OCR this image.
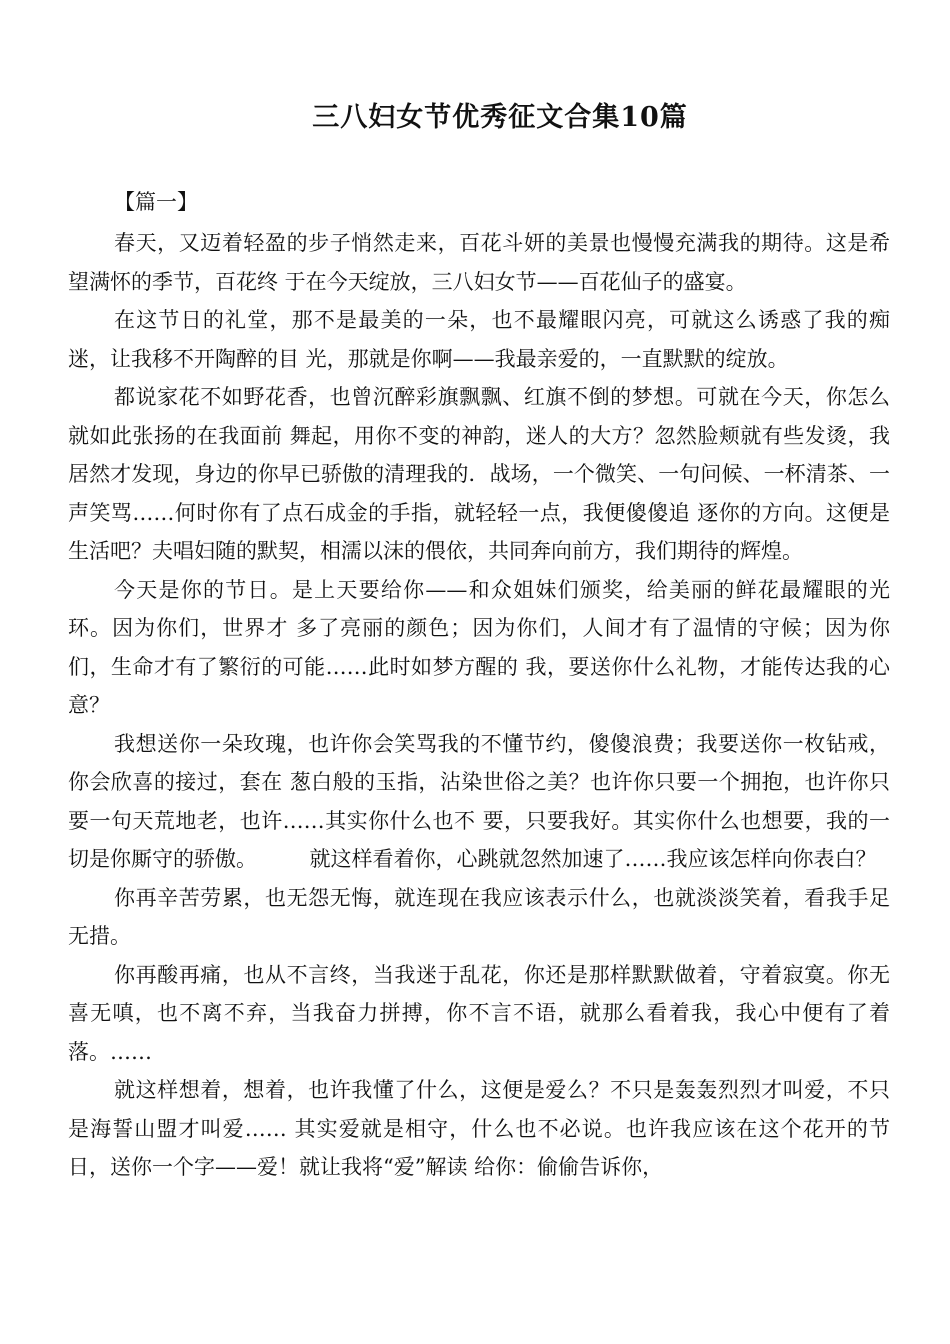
三八妇女节优秀征文合集10篇
【篇一】

春天，又迈着轻盈的步子悄然走来，百花斗妍的美景也慢慢充满我的期待。这是希望满怀的季节，百花终 于在今天绽放，三八妇女节——百花仙子的盛宴。

在这节日的礼堂，那不是最美的一朵，也不最耀眼闪亮，可就这么诱惑了我的痴迷，让我移不开陶醉的目 光，那就是你啊——我最亲爱的，一直默默的绽放。

都说家花不如野花香，也曾沉醉彩旗飘飘、红旗不倒的梦想。可就在今天，你怎么就如此张扬的在我面前 舞起，用你不变的神韵，迷人的大方？忽然脸颊就有些发烫，我居然才发现，身边的你早已骄傲的清理我的．战场，一个微笑、一句问候、一杯清茶、一声笑骂……何时你有了点石成金的手指，就轻轻一点，我便傻傻追 逐你的方向。这便是生活吧？夫唱妇随的默契，相濡以沫的偎依，共同奔向前方，我们期待的辉煌。

今天是你的节日。是上天要给你——和众姐妹们颁奖，给美丽的鲜花最耀眼的光环。因为你们，世界才 多了亮丽的颜色；因为你们，人间才有了温情的守候；因为你们，生命才有了繁衍的可能……此时如梦方醒的 我，要送你什么礼物，才能传达我的心意？

我想送你一朵玫瑰，也许你会笑骂我的不懂节约，傻傻浪费；我要送你一枚钻戒，你会欣喜的接过，套在 葱白般的玉指，沾染世俗之美？也许你只要一个拥抱，也许你只要一句天荒地老，也许……其实你什么也不 要，只要我好。其实你什么也想要，我的一切是你厮守的骄傲。　　　就这样看着你，心跳就忽然加速了……我应该怎样向你表白？

你再辛苦劳累，也无怨无悔，就连现在我应该表示什么，也就淡淡笑着，看我手足无措。

你再酸再痛，也从不言终，当我迷于乱花，你还是那样默默做着，守着寂寞。你无喜无嗔，也不离不弃，当我奋力拼搏，你不言不语，就那么看着我，我心中便有了着落。……

就这样想着，想着，也许我懂了什么，这便是爱么？不只是轰轰烈烈才叫爱，不只是海誓山盟才叫爱…… 其实爱就是相守，什么也不必说。也许我应该在这个花开的节日，送你一个字——爱！就让我将“爱”解读 给你：偷偷告诉你，
